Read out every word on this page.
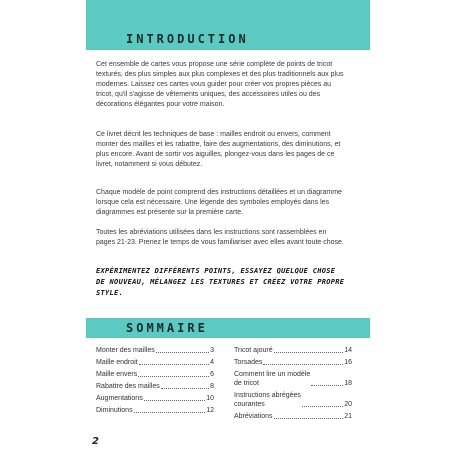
INTRODUCTION

Cet ensemble de cartes vous propose une série complète de points de tricot texturés, des plus simples aux plus complexes et des plus traditionnels aux plus modernes. Laissez ces cartes vous guider pour créer vos propres pièces au tricot, qu'il s'agisse de vêtements uniques, des accessoires utiles ou des décorations élégantes pour votre maison.

Ce livret décrit les techniques de base : mailles endroit ou envers, comment monter des mailles et les rabattre, faire des augmentations, des diminutions, et plus encore. Avant de sortir vos aiguilles, plongez-vous dans les pages de ce livret, notamment si vous débutez.

Chaque modèle de point comprend des instructions détaillées et un diagramme lorsque cela est nécessaire. Une légende des symboles employés dans les diagrammes est présente sur la première carte.

Toutes les abréviations utilisées dans les instructions sont rassemblées en pages 21-23. Prenez le temps de vous familiariser avec elles avant toute chose.

EXPÉRIMENTEZ DIFFÉRENTS POINTS, ESSAYEZ QUELQUE CHOSE DE NOUVEAU, MÉLANGEZ LES TEXTURES ET CRÉEZ VOTRE PROPRE STYLE.

SOMMAIRE
Monter des mailles	3
Maille endroit	4
Maille envers	6
Rabattre des mailles	8
Augmentations	10
Diminutions	12
Tricot ajouré	14
Torsades	16
Comment lire un modèle
de tricot	18
Instructions abrégées
courantes	20
Abréviations	21
2
